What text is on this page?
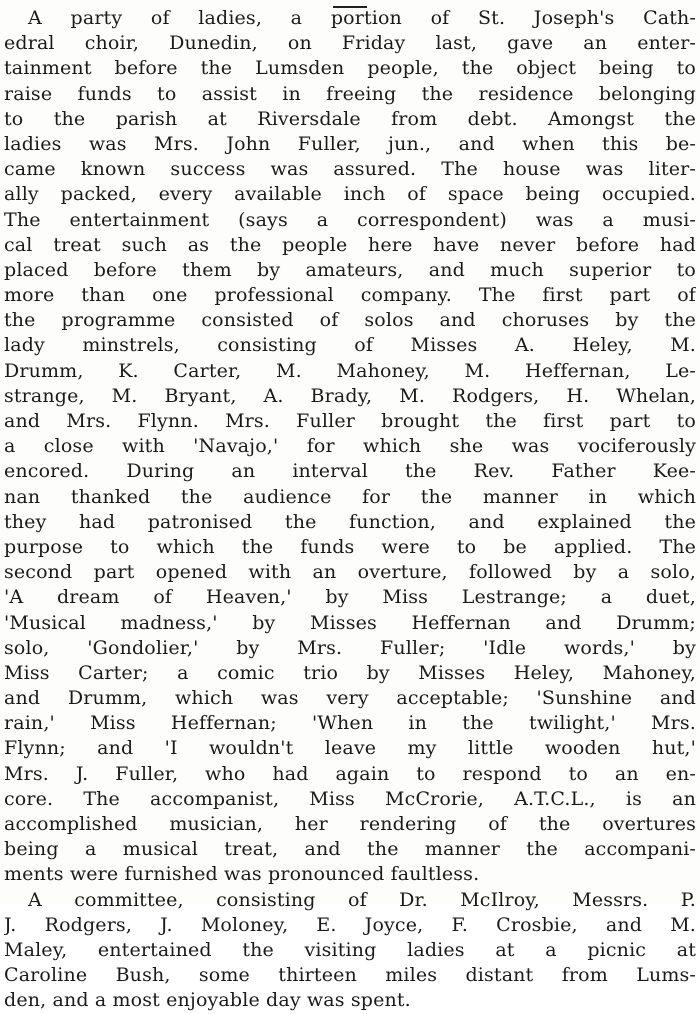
A party of ladies, a portion of St. Joseph's Cath-
edral choir, Dunedin, on Friday last, gave an enter-
tainment before the Lumsden people, the object being to
raise funds to assist in freeing the residence belonging
to the parish at Riversdale from debt. Amongst the
ladies was Mrs. John Fuller, jun., and when this be-
came known success was assured. The house was liter-
ally packed, every available inch of space being occupied.
The entertainment (says a correspondent) was a musi-
cal treat such as the people here have never before had
placed before them by amateurs, and much superior to
more than one professional company. The first part of
the programme consisted of solos and choruses by the
lady minstrels, consisting of Misses A. Heley, M.
Drumm, K. Carter, M. Mahoney, M. Heffernan, Le-
strange, M. Bryant, A. Brady, M. Rodgers, H. Whelan,
and Mrs. Flynn. Mrs. Fuller brought the first part to
a close with 'Navajo,' for which she was vociferously
encored. During an interval the Rev. Father Kee-
nan thanked the audience for the manner in which
they had patronised the function, and explained the
purpose to which the funds were to be applied. The
second part opened with an overture, followed by a solo,
'A dream of Heaven,' by Miss Lestrange; a duet,
'Musical madness,' by Misses Heffernan and Drumm;
solo, 'Gondolier,' by Mrs. Fuller; 'Idle words,' by
Miss Carter; a comic trio by Misses Heley, Mahoney,
and Drumm, which was very acceptable; 'Sunshine and
rain,' Miss Heffernan; 'When in the twilight,' Mrs.
Flynn; and 'I wouldn't leave my little wooden hut,'
Mrs. J. Fuller, who had again to respond to an en-
core. The accompanist, Miss McCrorie, A.T.C.L., is an
accomplished musician, her rendering of the overtures
being a musical treat, and the manner the accompani-
ments were furnished was pronounced faultless.
A committee, consisting of Dr. McIlroy, Messrs. P.
J. Rodgers, J. Moloney, E. Joyce, F. Crosbie, and M.
Maley, entertained the visiting ladies at a picnic at
Caroline Bush, some thirteen miles distant from Lums-
den, and a most enjoyable day was spent.
